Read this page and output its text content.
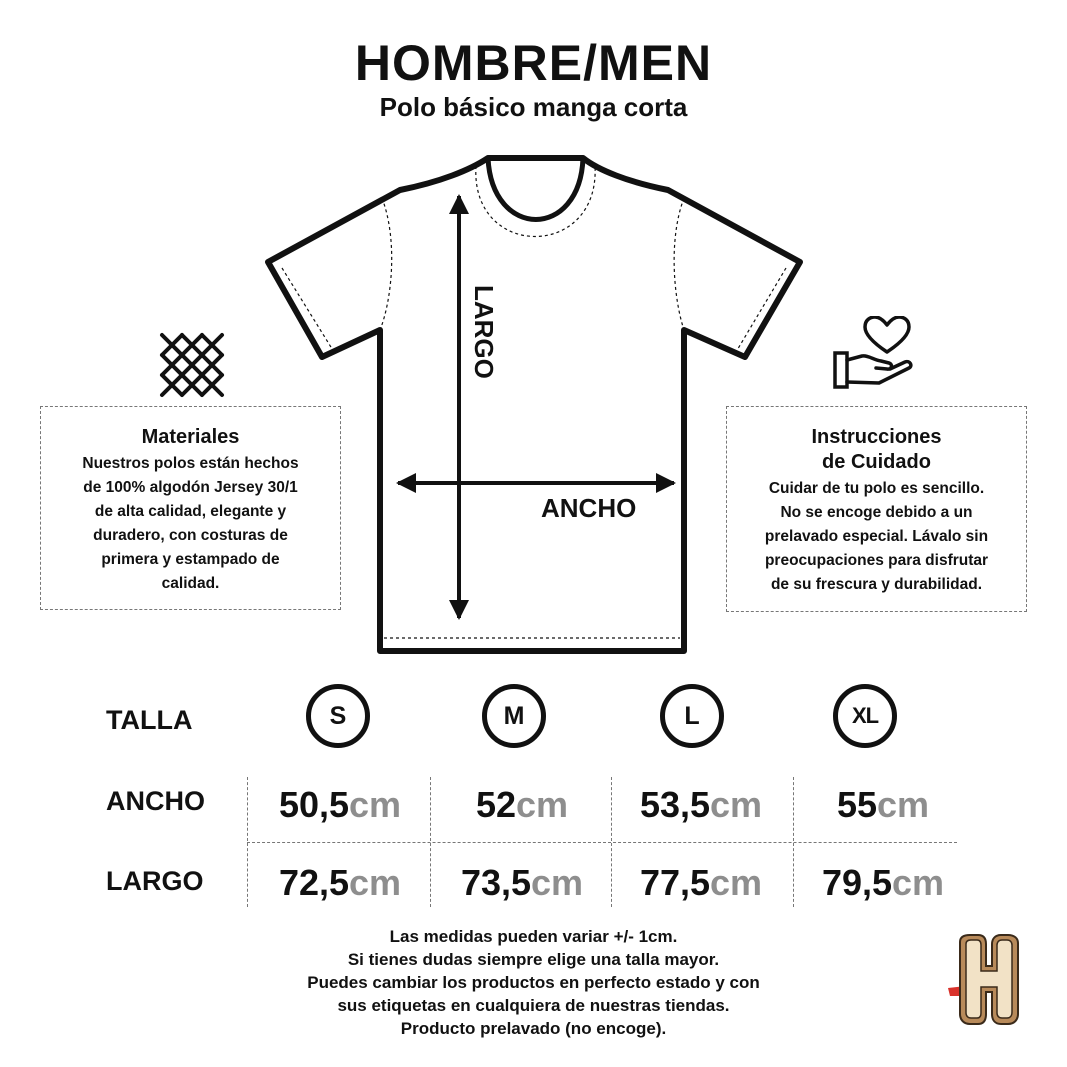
HOMBRE/MEN
Polo básico manga corta
LARGO
ANCHO
Materiales
Nuestros polos están hechos
de 100% algodón Jersey 30/1
de alta calidad, elegante y
duradero, con costuras de
primera y estampado de
calidad.
Instrucciones
de Cuidado
Cuidar de tu polo es sencillo.
No se encoge debido a un
prelavado especial. Lávalo sin
preocupaciones para disfrutar
de su frescura y durabilidad.
TALLA	S	M	L	XL
ANCHO	50,5cm	52cm	53,5cm	55cm
LARGO	72,5cm	73,5cm	77,5cm	79,5cm
Las medidas pueden variar +/- 1cm.
Si tienes dudas siempre elige una talla mayor.
Puedes cambiar los productos en perfecto estado y con
sus etiquetas en cualquiera de nuestras tiendas.
Producto prelavado (no encoge).
